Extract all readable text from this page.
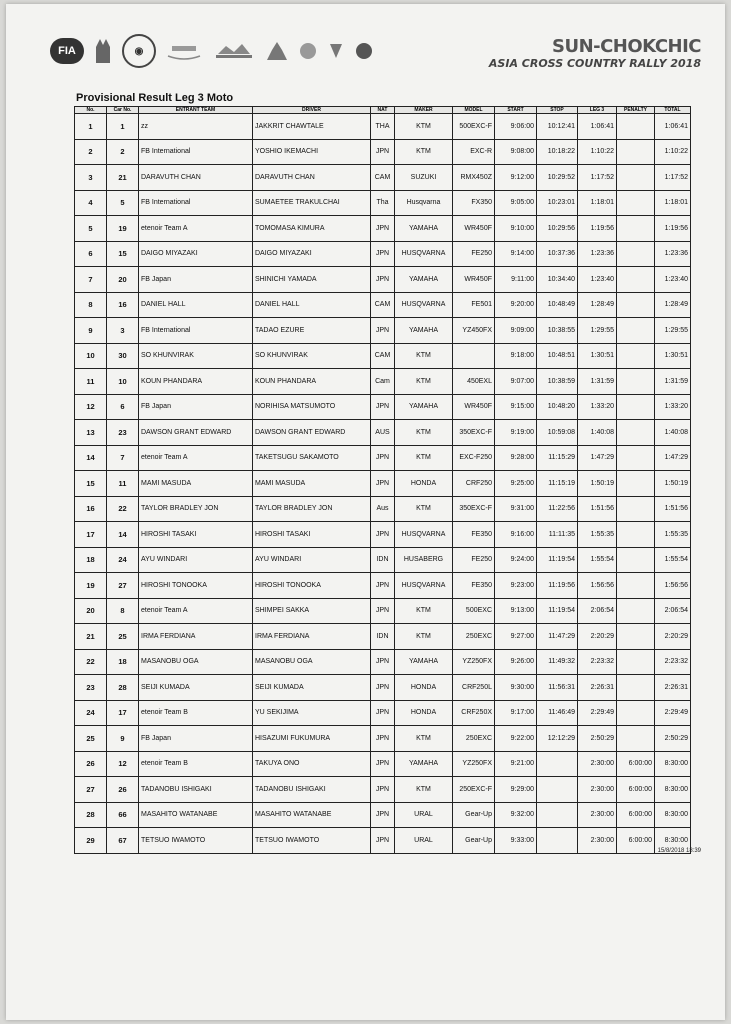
FIA	◉	SUN-CHOKCHIC
ASIA CROSS COUNTRY RALLY 2018
Provisional Result Leg 3 Moto
No.	Car No.	ENTRANT TEAM	DRIVER	NAT	MAKER	MODEL	START	STOP	LEG 3	PENALTY	TOTAL
1	1	zz	JAKKRIT CHAWTALE	THA	KTM	500EXC-F	9:06:00	10:12:41	1:06:41		1:06:41
2	2	FB International	YOSHIO IKEMACHI	JPN	KTM	EXC-R	9:08:00	10:18:22	1:10:22		1:10:22
3	21	DARAVUTH CHAN	DARAVUTH CHAN	CAM	SUZUKI	RMX450Z	9:12:00	10:29:52	1:17:52		1:17:52
4	5	FB International	SUMAETEE TRAKULCHAI	Tha	Husqvarna	FX350	9:05:00	10:23:01	1:18:01		1:18:01
5	19	etenoir Team A	TOMOMASA KIMURA	JPN	YAMAHA	WR450F	9:10:00	10:29:56	1:19:56		1:19:56
6	15	DAIGO MIYAZAKI	DAIGO MIYAZAKI	JPN	HUSQVARNA	FE250	9:14:00	10:37:36	1:23:36		1:23:36
7	20	FB Japan	SHINICHI YAMADA	JPN	YAMAHA	WR450F	9:11:00	10:34:40	1:23:40		1:23:40
8	16	DANIEL HALL	DANIEL HALL	CAM	HUSQVARNA	FE501	9:20:00	10:48:49	1:28:49		1:28:49
9	3	FB International	TADAO EZURE	JPN	YAMAHA	YZ450FX	9:09:00	10:38:55	1:29:55		1:29:55
10	30	SO KHUNVIRAK	SO KHUNVIRAK	CAM	KTM		9:18:00	10:48:51	1:30:51		1:30:51
11	10	KOUN PHANDARA	KOUN PHANDARA	Cam	KTM	450EXL	9:07:00	10:38:59	1:31:59		1:31:59
12	6	FB Japan	NORIHISA MATSUMOTO	JPN	YAMAHA	WR450F	9:15:00	10:48:20	1:33:20		1:33:20
13	23	DAWSON GRANT EDWARD	DAWSON GRANT EDWARD	AUS	KTM	350EXC-F	9:19:00	10:59:08	1:40:08		1:40:08
14	7	etenoir Team A	TAKETSUGU SAKAMOTO	JPN	KTM	EXC-F250	9:28:00	11:15:29	1:47:29		1:47:29
15	11	MAMI MASUDA	MAMI MASUDA	JPN	HONDA	CRF250	9:25:00	11:15:19	1:50:19		1:50:19
16	22	TAYLOR BRADLEY JON	TAYLOR BRADLEY JON	Aus	KTM	350EXC-F	9:31:00	11:22:56	1:51:56		1:51:56
17	14	HIROSHI TASAKI	HIROSHI TASAKI	JPN	HUSQVARNA	FE350	9:16:00	11:11:35	1:55:35		1:55:35
18	24	AYU WINDARI	AYU WINDARI	IDN	HUSABERG	FE250	9:24:00	11:19:54	1:55:54		1:55:54
19	27	HIROSHI TONOOKA	HIROSHI TONOOKA	JPN	HUSQVARNA	FE350	9:23:00	11:19:56	1:56:56		1:56:56
20	8	etenoir Team A	SHIMPEI SAKKA	JPN	KTM	500EXC	9:13:00	11:19:54	2:06:54		2:06:54
21	25	IRMA FERDIANA	IRMA FERDIANA	IDN	KTM	250EXC	9:27:00	11:47:29	2:20:29		2:20:29
22	18	MASANOBU OGA	MASANOBU OGA	JPN	YAMAHA	YZ250FX	9:26:00	11:49:32	2:23:32		2:23:32
23	28	SEIJI KUMADA	SEIJI KUMADA	JPN	HONDA	CRF250L	9:30:00	11:56:31	2:26:31		2:26:31
24	17	etenoir Team B	YU SEKIJIMA	JPN	HONDA	CRF250X	9:17:00	11:46:49	2:29:49		2:29:49
25	9	FB Japan	HISAZUMI FUKUMURA	JPN	KTM	250EXC	9:22:00	12:12:29	2:50:29		2:50:29
26	12	etenoir Team B	TAKUYA ONO	JPN	YAMAHA	YZ250FX	9:21:00		2:30:00	6:00:00	8:30:00
27	26	TADANOBU ISHIGAKI	TADANOBU ISHIGAKI	JPN	KTM	250EXC-F	9:29:00		2:30:00	6:00:00	8:30:00
28	66	MASAHITO WATANABE	MASAHITO WATANABE	JPN	URAL	Gear-Up	9:32:00		2:30:00	6:00:00	8:30:00
29	67	TETSUO IWAMOTO	TETSUO IWAMOTO	JPN	URAL	Gear-Up	9:33:00		2:30:00	6:00:00	8:30:00
15/8/2018 18:39
